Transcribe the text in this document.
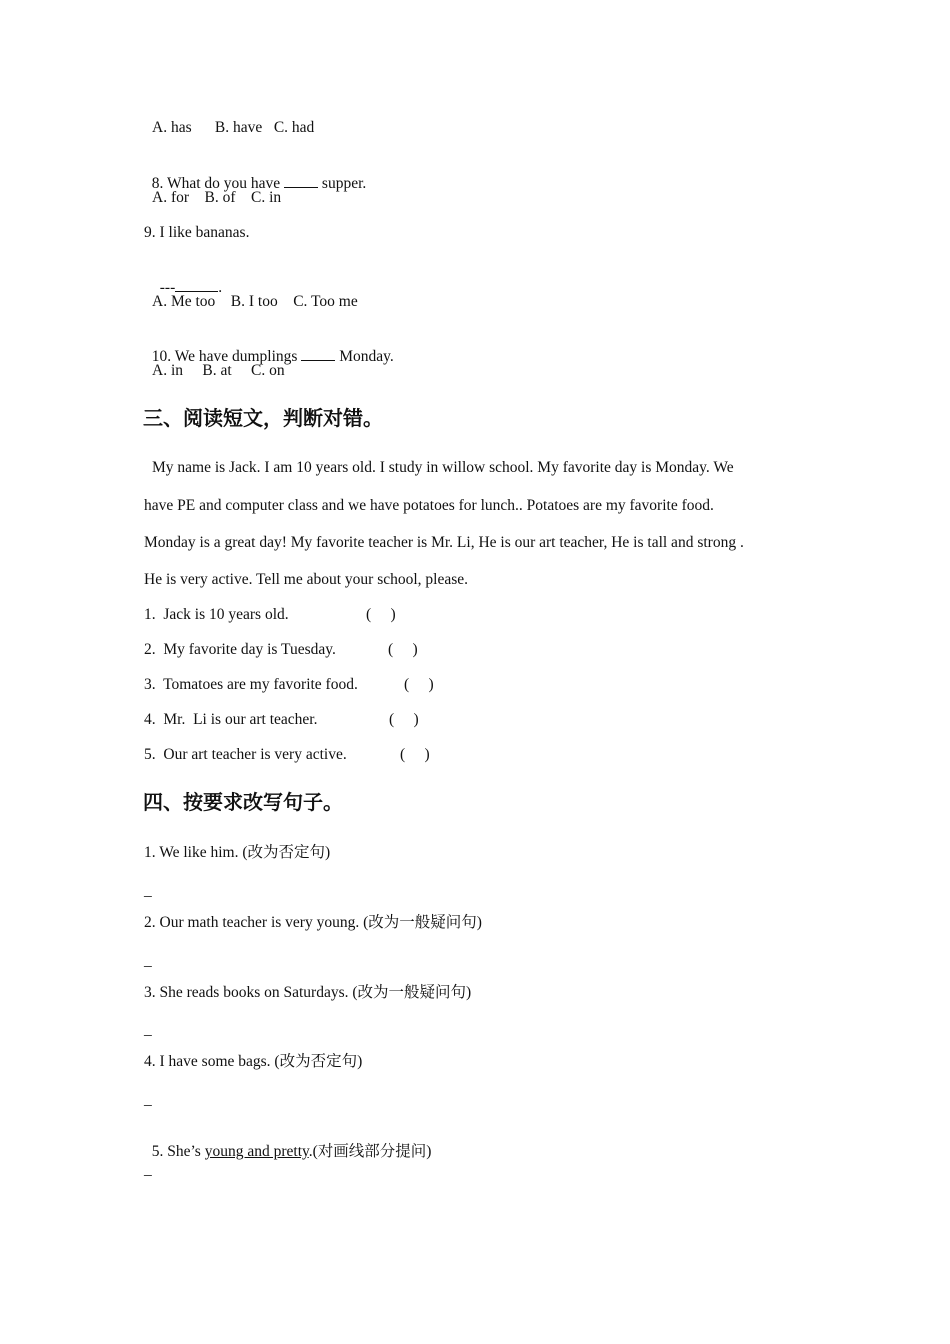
A. has      B. have   C. had

8. What do you have  supper.

A. for    B. of    C. in
9. I like bananas.

---	.

A. Me too    B. I too    C. Too me

10. We have dumplings  Monday.

A. in     B. at     C. on
三、阅读短文，判断对错。
My name is Jack. I am 10 years old. I study in willow school. My favorite day is Monday. We
have PE and computer class and we have potatoes for lunch.. Potatoes are my favorite food.
Monday is a great day! My favorite teacher is Mr. Li, He is our art teacher, He is tall and strong .
He is very active. Tell me about your school, please.
1.  Jack is 10 years old.	(     )
2.  My favorite day is Tuesday.	(     )
3.  Tomatoes are my favorite food.	(     )
4.  Mr.  Li is our art teacher.	(     )
5.  Our art teacher is very active.	(     )
四、按要求改写句子。
1. We like him. (改为否定句)
_
2. Our math teacher is very young. (改为一般疑问句)
_
3. She reads books on Saturdays. (改为一般疑问句)
_
4. I have some bags. (改为否定句)
_

5. She’s young and pretty.(对画线部分提问)

_
